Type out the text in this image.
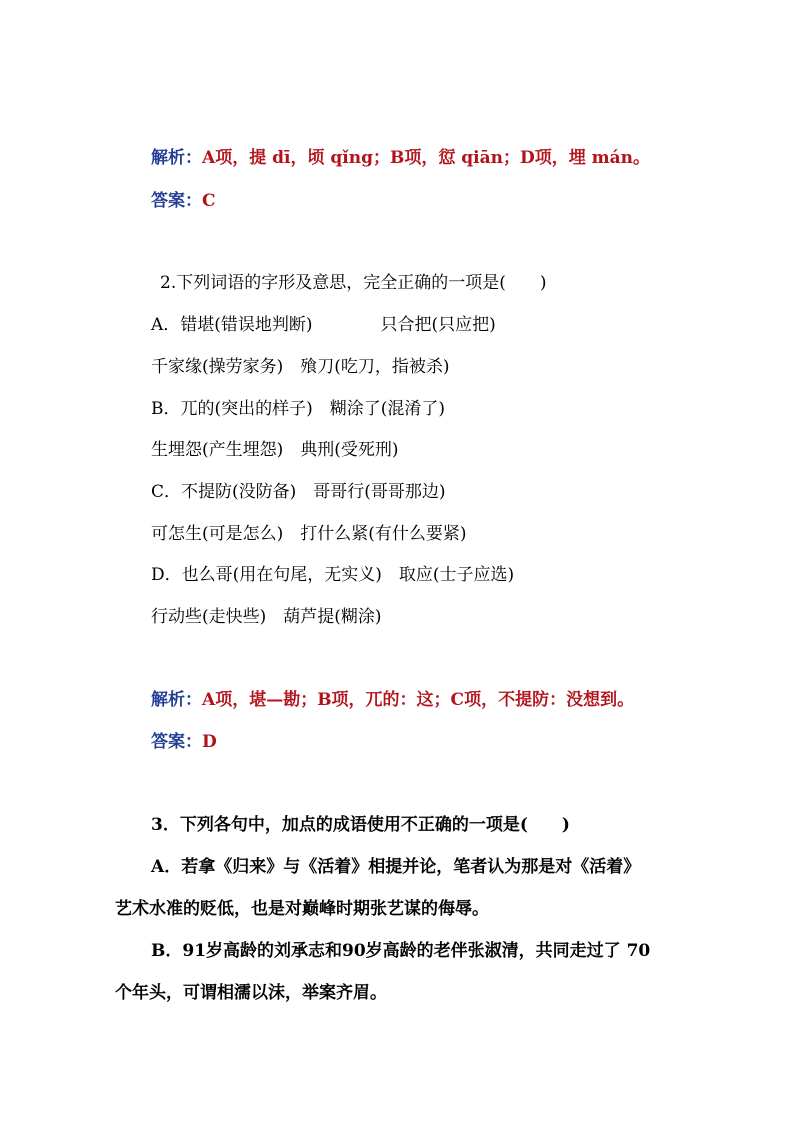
解析：A项，提 dī，顷 qǐng；B项，愆 qiān；D项，埋 mán。
答案：C
2.下列词语的字形及意思，完全正确的一项是(　　)
A．错堪(错误地判断)　　　　只合把(只应把)
千家缘(操劳家务)　飱刀(吃刀，指被杀)
B．兀的(突出的样子)　糊涂了(混淆了)
生埋怨(产生埋怨)　典刑(受死刑)
C．不提防(没防备)　哥哥行(哥哥那边)
可怎生(可是怎么)　打什么紧(有什么要紧)
D．也么哥(用在句尾，无实义)　取应(士子应选)
行动些(走快些)　葫芦提(糊涂)
解析：A项，堪—勘；B项，兀的：这；C项，不提防：没想到。
答案：D
3．下列各句中，加点的成语使用不正确的一项是(　　)
A．若拿《归来》与《活着》相提并论，笔者认为那是对《活着》
艺术水准的贬低，也是对巅峰时期张艺谋的侮辱。
B．91岁高龄的刘承志和90岁高龄的老伴张淑清，共同走过了 70
个年头，可谓相濡以沫，举案齐眉。
